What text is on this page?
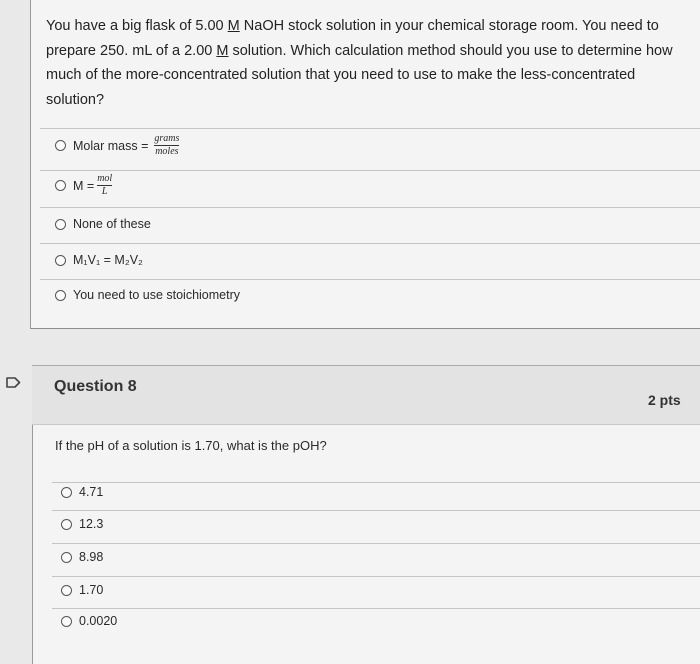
You have a big flask of 5.00 M NaOH stock solution in your chemical storage room. You need to
prepare 250. mL of a 2.00 M solution. Which calculation method should you use to determine how
much of the more-concentrated solution that you need to use to make the less-concentrated
solution?
Molar mass = $\frac{\text{grams}}{\text{moles}}$
$M = \frac{\text{mol}}{L}$
None of these
M₁V₁ = M₂V₂
You need to use stoichiometry
Question 8
2 pts
If the pH of a solution is 1.70, what is the pOH?
4.71
12.3
8.98
1.70
0.0020
